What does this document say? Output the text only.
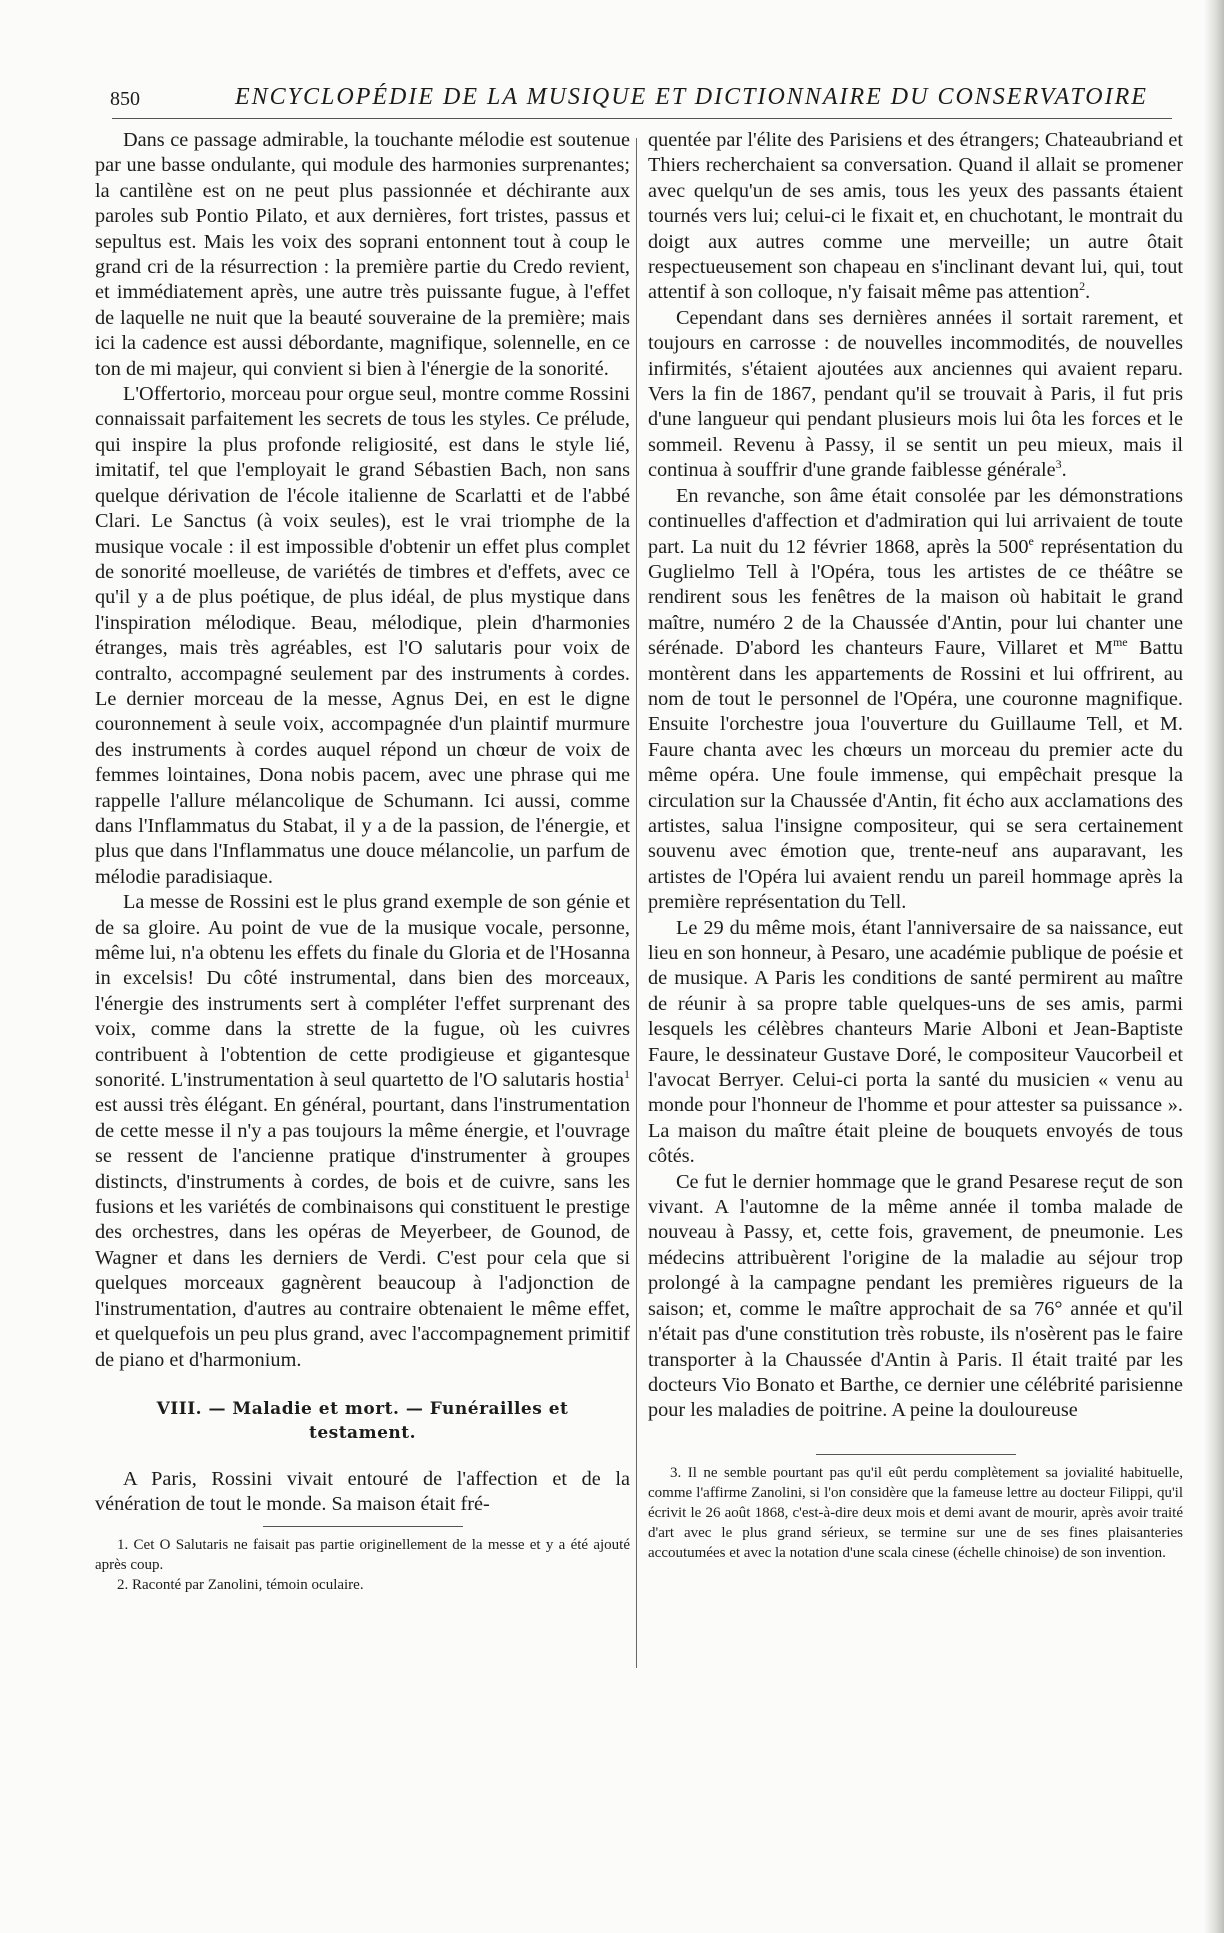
850	ENCYCLOPÉDIE DE LA MUSIQUE ET DICTIONNAIRE DU CONSERVATOIRE

Dans ce passage admirable, la touchante mélodie est soutenue par une basse ondulante, qui module des harmonies surprenantes; la cantilène est on ne peut plus passionnée et déchirante aux paroles sub Pontio Pilato, et aux dernières, fort tristes, passus et sepultus est. Mais les voix des soprani entonnent tout à coup le grand cri de la résurrection : la première partie du Credo revient, et immédiatement après, une autre très puissante fugue, à l'effet de laquelle ne nuit que la beauté souveraine de la première; mais ici la cadence est aussi débordante, magnifique, solennelle, en ce ton de mi majeur, qui convient si bien à l'énergie de la sonorité.

L'Offertorio, morceau pour orgue seul, montre comme Rossini connaissait parfaitement les secrets de tous les styles. Ce prélude, qui inspire la plus profonde religiosité, est dans le style lié, imitatif, tel que l'employait le grand Sébastien Bach, non sans quelque dérivation de l'école italienne de Scarlatti et de l'abbé Clari. Le Sanctus (à voix seules), est le vrai triomphe de la musique vocale : il est impossible d'obtenir un effet plus complet de sonorité moelleuse, de variétés de timbres et d'effets, avec ce qu'il y a de plus poétique, de plus idéal, de plus mystique dans l'inspiration mélodique. Beau, mélodique, plein d'harmonies étranges, mais très agréables, est l'O salutaris pour voix de contralto, accompagné seulement par des instruments à cordes. Le dernier morceau de la messe, Agnus Dei, en est le digne couronnement à seule voix, accompagnée d'un plaintif murmure des instruments à cordes auquel répond un chœur de voix de femmes lointaines, Dona nobis pacem, avec une phrase qui me rappelle l'allure mélancolique de Schumann. Ici aussi, comme dans l'Inflammatus du Stabat, il y a de la passion, de l'énergie, et plus que dans l'Inflammatus une douce mélancolie, un parfum de mélodie paradisiaque.

La messe de Rossini est le plus grand exemple de son génie et de sa gloire. Au point de vue de la musique vocale, personne, même lui, n'a obtenu les effets du finale du Gloria et de l'Hosanna in excelsis! Du côté instrumental, dans bien des morceaux, l'énergie des instruments sert à compléter l'effet surprenant des voix, comme dans la strette de la fugue, où les cuivres contribuent à l'obtention de cette prodigieuse et gigantesque sonorité. L'instrumentation à seul quartetto de l'O salutaris hostia$^1$ est aussi très élégant. En général, pourtant, dans l'instrumentation de cette messe il n'y a pas toujours la même énergie, et l'ouvrage se ressent de l'ancienne pratique d'instrumenter à groupes distincts, d'instruments à cordes, de bois et de cuivre, sans les fusions et les variétés de combinaisons qui constituent le prestige des orchestres, dans les opéras de Meyerbeer, de Gounod, de Wagner et dans les derniers de Verdi. C'est pour cela que si quelques morceaux gagnèrent beaucoup à l'adjonction de l'instrumentation, d'autres au contraire obtenaient le même effet, et quelquefois un peu plus grand, avec l'accompagnement primitif de piano et d'harmonium.

VIII. — Maladie et mort. — Funérailles et testament.

A Paris, Rossini vivait entouré de l'affection et de la vénération de tout le monde. Sa maison était fré-

1. Cet O Salutaris ne faisait pas partie originellement de la messe et y a été ajouté après coup.

2. Raconté par Zanolini, témoin oculaire.

quentée par l'élite des Parisiens et des étrangers; Chateaubriand et Thiers recherchaient sa conversation. Quand il allait se promener avec quelqu'un de ses amis, tous les yeux des passants étaient tournés vers lui; celui-ci le fixait et, en chuchotant, le montrait du doigt aux autres comme une merveille; un autre ôtait respectueusement son chapeau en s'inclinant devant lui, qui, tout attentif à son colloque, n'y faisait même pas attention$^2$.

Cependant dans ses dernières années il sortait rarement, et toujours en carrosse : de nouvelles incommodités, de nouvelles infirmités, s'étaient ajoutées aux anciennes qui avaient reparu. Vers la fin de 1867, pendant qu'il se trouvait à Paris, il fut pris d'une langueur qui pendant plusieurs mois lui ôta les forces et le sommeil. Revenu à Passy, il se sentit un peu mieux, mais il continua à souffrir d'une grande faiblesse générale$^3$.

En revanche, son âme était consolée par les démonstrations continuelles d'affection et d'admiration qui lui arrivaient de toute part. La nuit du 12 février 1868, après la 500e représentation du Guglielmo Tell à l'Opéra, tous les artistes de ce théâtre se rendirent sous les fenêtres de la maison où habitait le grand maître, numéro 2 de la Chaussée d'Antin, pour lui chanter une sérénade. D'abord les chanteurs Faure, Villaret et $M^{me}$ Battu montèrent dans les appartements de Rossini et lui offrirent, au nom de tout le personnel de l'Opéra, une couronne magnifique. Ensuite l'orchestre joua l'ouverture du Guillaume Tell, et M. Faure chanta avec les chœurs un morceau du premier acte du même opéra. Une foule immense, qui empêchait presque la circulation sur la Chaussée d'Antin, fit écho aux acclamations des artistes, salua l'insigne compositeur, qui se sera certainement souvenu avec émotion que, trente-neuf ans auparavant, les artistes de l'Opéra lui avaient rendu un pareil hommage après la première représentation du Tell.

Le 29 du même mois, étant l'anniversaire de sa naissance, eut lieu en son honneur, à Pesaro, une académie publique de poésie et de musique. A Paris les conditions de santé permirent au maître de réunir à sa propre table quelques-uns de ses amis, parmi lesquels les célèbres chanteurs Marie Alboni et Jean-Baptiste Faure, le dessinateur Gustave Doré, le compositeur Vaucorbeil et l'avocat Berryer. Celui-ci porta la santé du musicien « venu au monde pour l'honneur de l'homme et pour attester sa puissance ». La maison du maître était pleine de bouquets envoyés de tous côtés.

Ce fut le dernier hommage que le grand Pesarese reçut de son vivant. A l'automne de la même année il tomba malade de nouveau à Passy, et, cette fois, gravement, de pneumonie. Les médecins attribuèrent l'origine de la maladie au séjour trop prolongé à la campagne pendant les premières rigueurs de la saison; et, comme le maître approchait de sa 76° année et qu'il n'était pas d'une constitution très robuste, ils n'osèrent pas le faire transporter à la Chaussée d'Antin à Paris. Il était traité par les docteurs Vio Bonato et Barthe, ce dernier une célébrité parisienne pour les maladies de poitrine. A peine la douloureuse

3. Il ne semble pourtant pas qu'il eût perdu complètement sa jovialité habituelle, comme l'affirme Zanolini, si l'on considère que la fameuse lettre au docteur Filippi, qu'il écrivit le 26 août 1868, c'est-à-dire deux mois et demi avant de mourir, après avoir traité d'art avec le plus grand sérieux, se termine sur une de ses fines plaisanteries accoutumées et avec la notation d'une scala cinese (échelle chinoise) de son invention.
